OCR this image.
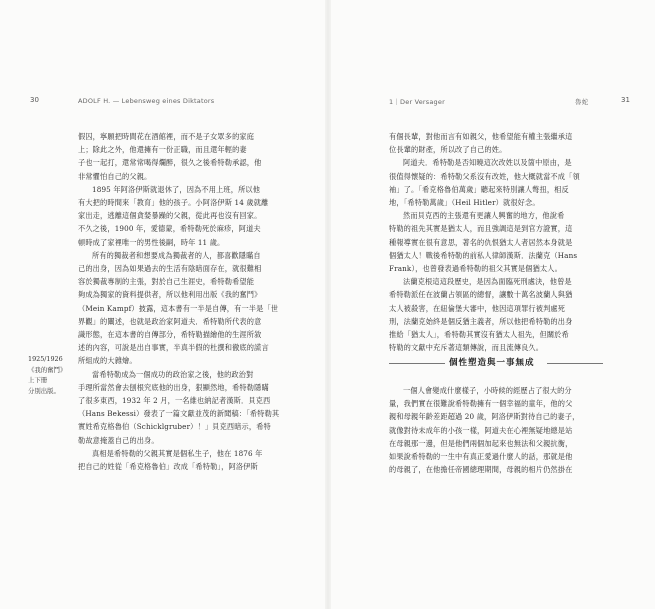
30	ADOLF H. — Lebensweg eines Diktators	1｜Der Versager	魯蛇	31
1925/1926
《我的奮鬥》
上下冊
分別出版。
假囚，寧願把時間花在酒館裡，而不是子女眾多的家庭
上；除此之外，他還擁有一份正職，而且還年輕的妻
子也一起打，還常常喝得爛醉，很久之後希特勒承認，他
非常懼怕自己的父親。
1895 年阿洛伊斯就退休了，因為不用上班，所以他
有大把的時間來「教育」他的孩子。小阿洛伊斯 14 歲就離
家出走，逃離這個貪婪暴躁的父親，從此再也沒有回家。
不久之後，1900 年，愛德蒙，希特勒死於麻疹，阿道夫
頓時成了家裡唯一的男性後嗣，時年 11 歲。
所有的獨裁者和想要成為獨裁者的人，都喜歡隱瞞自
己的出身，因為如果過去的生活有陰暗面存在，就很難相
容於獨裁專制的主張，對於自己生涯史，希特勒希望能
夠成為獨家的資料提供者，所以他利用出版《我的奮鬥》
（Mein Kampf）披露，這本書有一半是自傳，有一半是「世
界觀」的闡述，也就是政治家阿道夫．希特勒所代表的意
識形態，在這本書的自傳部分，希特勒描繪他的生涯所敘
述的內容，可說是出自事實，半真半假的杜撰和徹底的謊言
所組成的大雜燴。
當希特勒成為一個成功的政治家之後，他的政治對
手理所當然會去刨根究底他的出身，狠顯然地，希特勒隱瞞
了很多東西，1932 年 2 月，一名維也納記者漢斯．貝克西
（Hans Bekessi）發表了一篇文獻並茂的新聞稿：「希特勒其
實姓希克格魯伯（Schicklgruber）！」貝克西暗示，希特
勒故意掩蓋自己的出身。
真相是希特勒的父親其實是個私生子，他在 1876 年
把自己的姓從「希克格魯伯」改成「希特勒」，阿洛伊斯
有個長輩，對他而言有如親父，他希望能有權主張繼承這
位長輩的財產，所以改了自己的姓。
阿道夫．希特勒是否知曉這次改姓以及箇中原由，是
很值得懷疑的：希特勒父系沒有改姓，他大概就當不成「領
袖」了。「希克格魯伯萬歲」聽起來特別讓人彆扭，相反
地，「希特勒萬歲」（Heil Hitler）就很好念。
然而貝克西的主張還有更讓人興奮的地方，他說希
特勒的祖先其實是猶太人，而且強調這是到官方證實，這
種報導實在很有意思，著名的仇恨猶太人者居然本身就是
個猶太人！戰後希特勒的前私人律師漢斯．法蘭克（Hans
Frank），也曾發表過希特勒的祖父其實是個猶太人。
法蘭克根這這段歷史，是因為面臨死刑處決，他曾是
希特勒派任在波蘭占領區的總督，讓數十萬名波蘭人與猶
太人被殺害，在紐倫堡大審中，他因這項罪行被判處死
刑，法蘭克始終是個反猶主義者，所以他把希特勒的出身
推給「猶太人」，希特勒其實沒有猶太人祖先，但關於希
特勒的文獻中充斥著這類傳說，而且流傳良久。
個性塑造與一事無成
一個人會變成什麼樣子，小時候的經歷占了很大的分
量，我們實在很難說希特勒擁有一個幸福的童年，他的父
親和母親年齡差距超過 20 歲，阿洛伊斯對待自己的妻子，
就像對待未成年的小孩一樣，阿道夫在心裡無疑地總是站
在母親那一邊，但是他們兩個加起來也無法和父親抗衡，
如果說希特勒的一生中有真正愛過什麼人的話，那就是他
的母親了，在他擔任帝國總理期間，母親的相片仍然掛在
